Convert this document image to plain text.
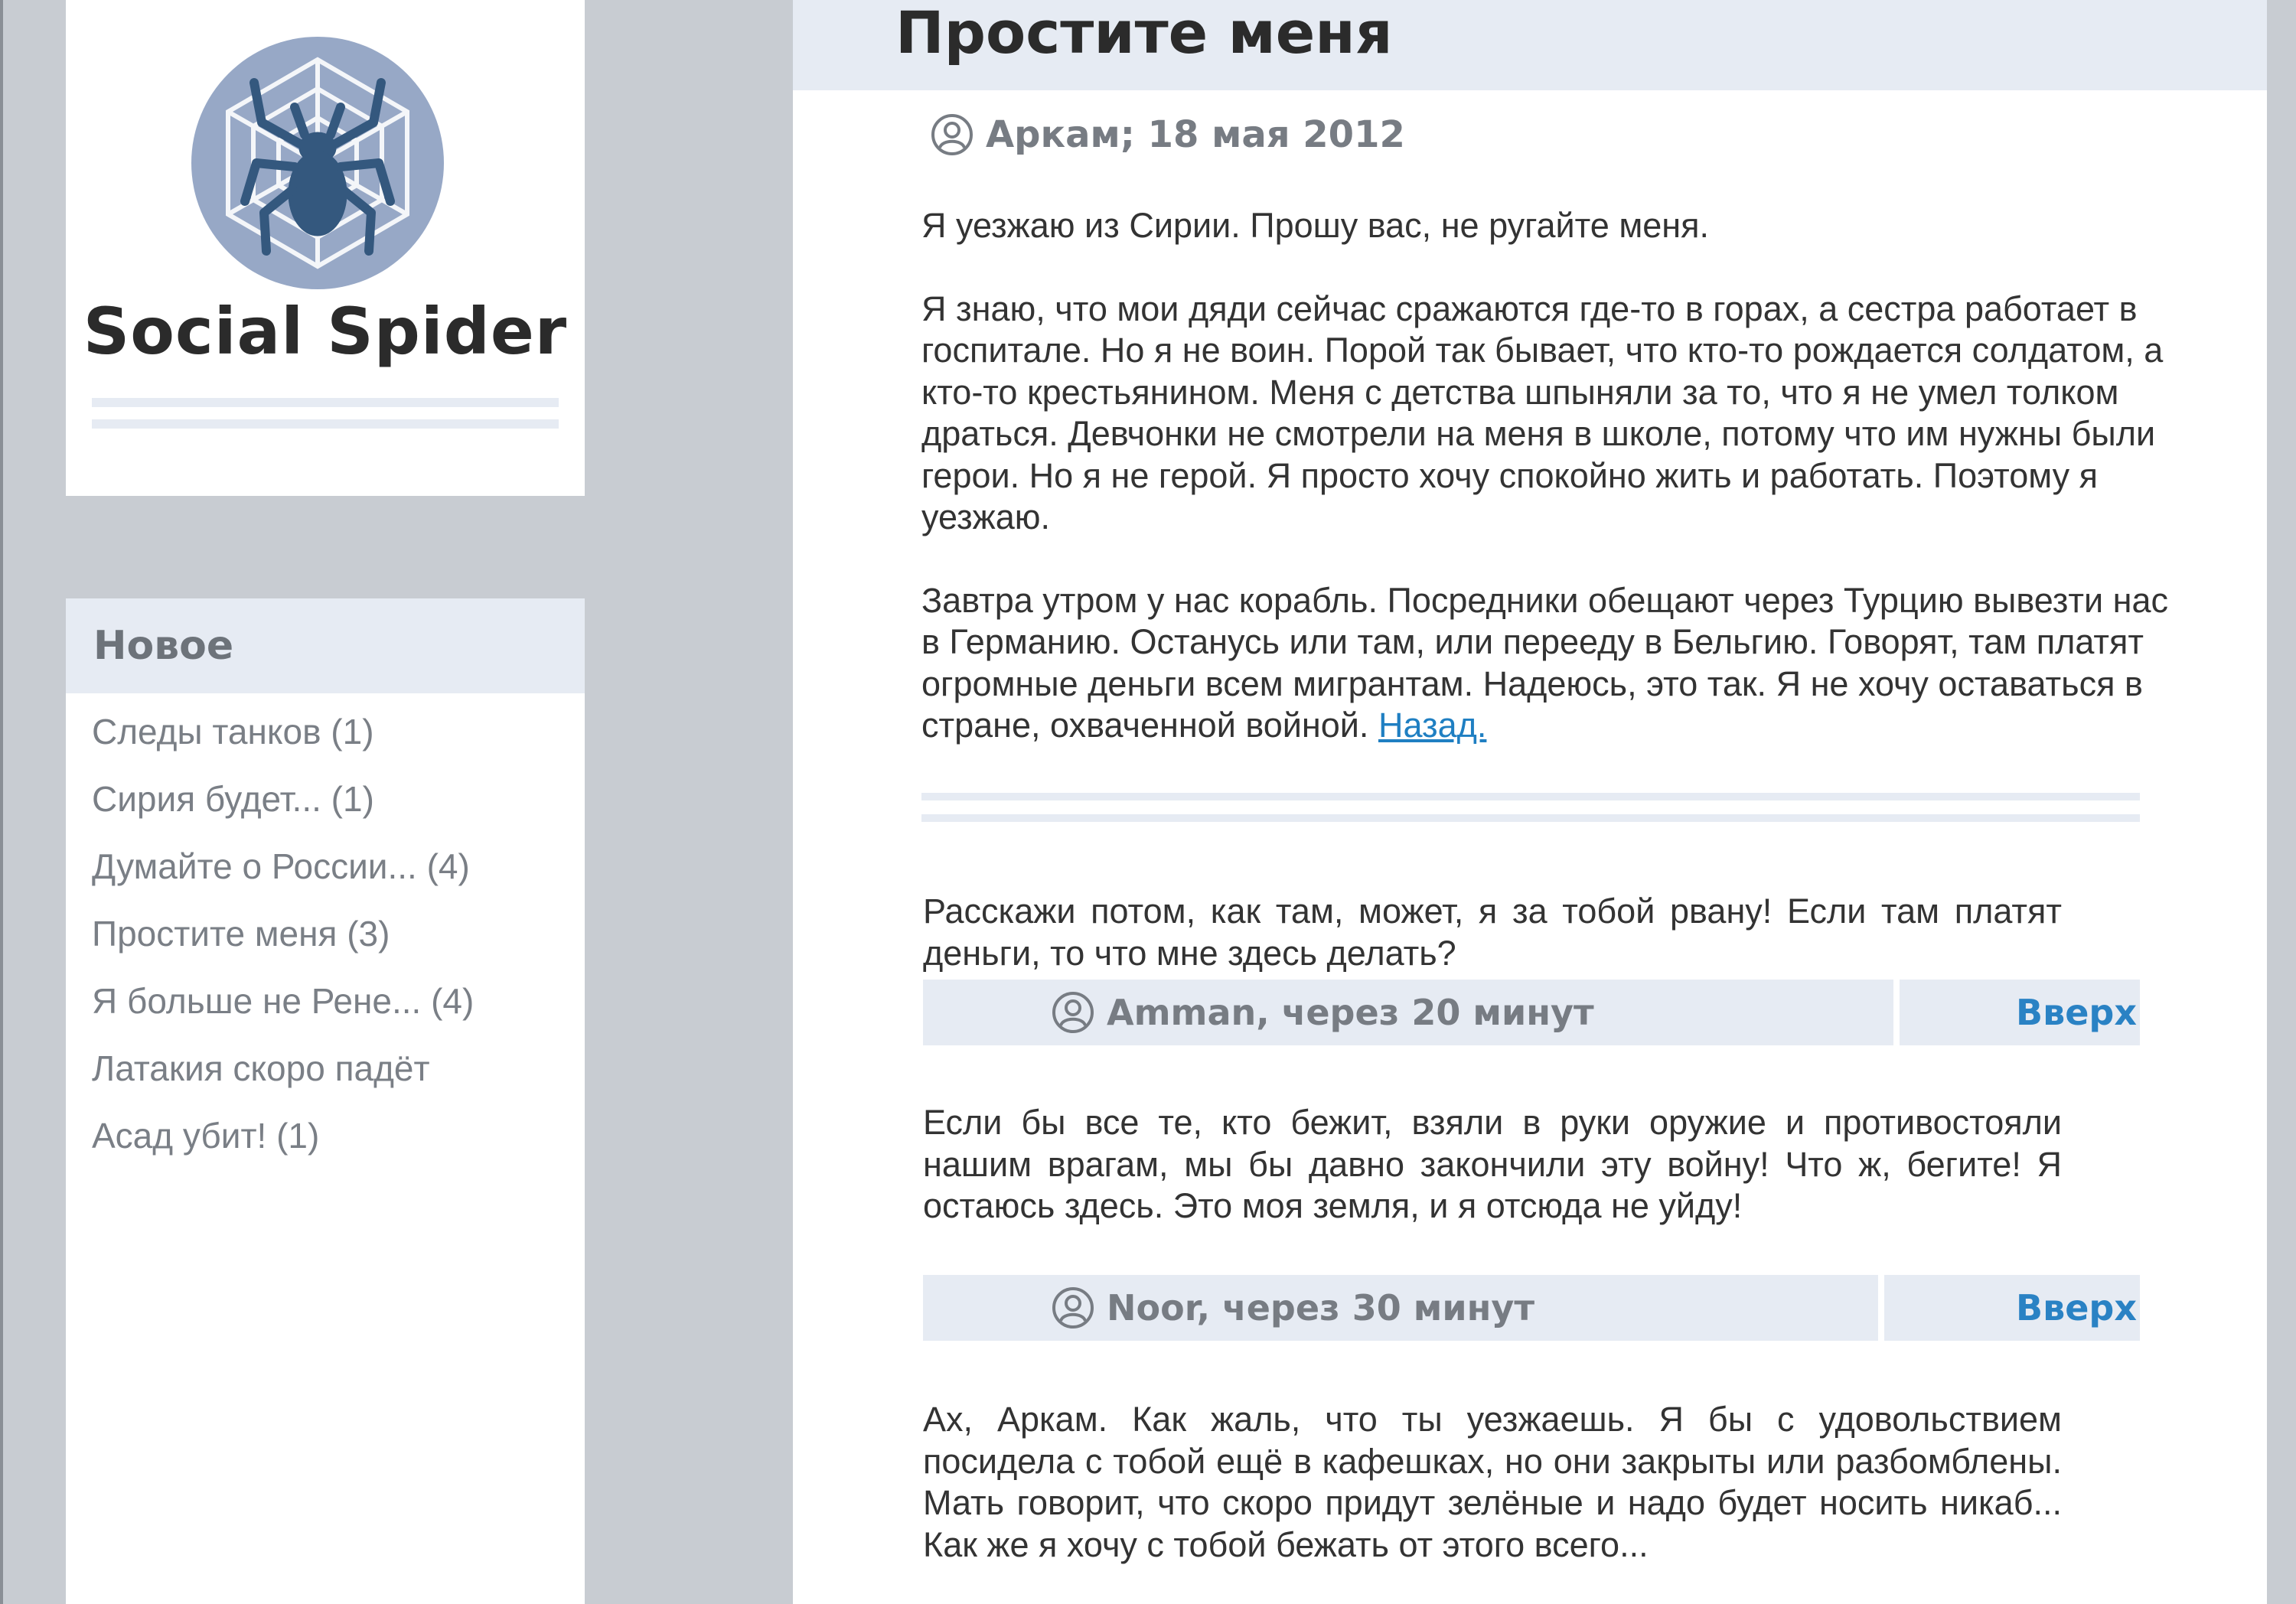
Social Spider
Новое
Следы танков (1)
Сирия будет... (1)
Думайте о России... (4)
Простите меня (3)
Я больше не Рене... (4)
Латакия скоро падёт
Асад убит! (1)
Простите меня
Аркам; 18 мая 2012

Я уезжаю из Сирии. Прошу вас, не ругайте меня.

Я знаю, что мои дяди сейчас сражаются где-то в горах, а сестра работает в госпитале. Но я не воин. Порой так бывает, что кто-то рождается солдатом, а кто-то крестьянином. Меня с детства шпыняли за то, что я не умел толком драться. Девчонки не смотрели на меня в школе, потому что им нужны были герои. Но я не герой. Я просто хочу спокойно жить и работать. Поэтому я уезжаю.

Завтра утром у нас корабль. Посредники обещают через Турцию вывезти нас в Германию. Останусь или там, или перееду в Бельгию. Говорят, там платят огромные деньги всем мигрантам. Надеюсь, это так. Я не хочу оставаться в стране, охваченной войной. Назад.

Расскажи потом, как там, может, я за тобой рвану! Если там платят деньги, то что мне здесь делать?
Amman, через 20 минут	Вверх
Если бы все те, кто бежит, взяли в руки оружие и противостояли нашим врагам, мы бы давно закончили эту войну! Что ж, бегите! Я остаюсь здесь. Это моя земля, и я отсюда не уйду!
Noor, через 30 минут	Вверх
Ах, Аркам. Как жаль, что ты уезжаешь. Я бы с удовольствием посидела с тобой ещё в кафешках, но они закрыты или разбомблены. Мать говорит, что скоро придут зелёные и надо будет носить никаб... Как же я хочу с тобой бежать от этого всего...
